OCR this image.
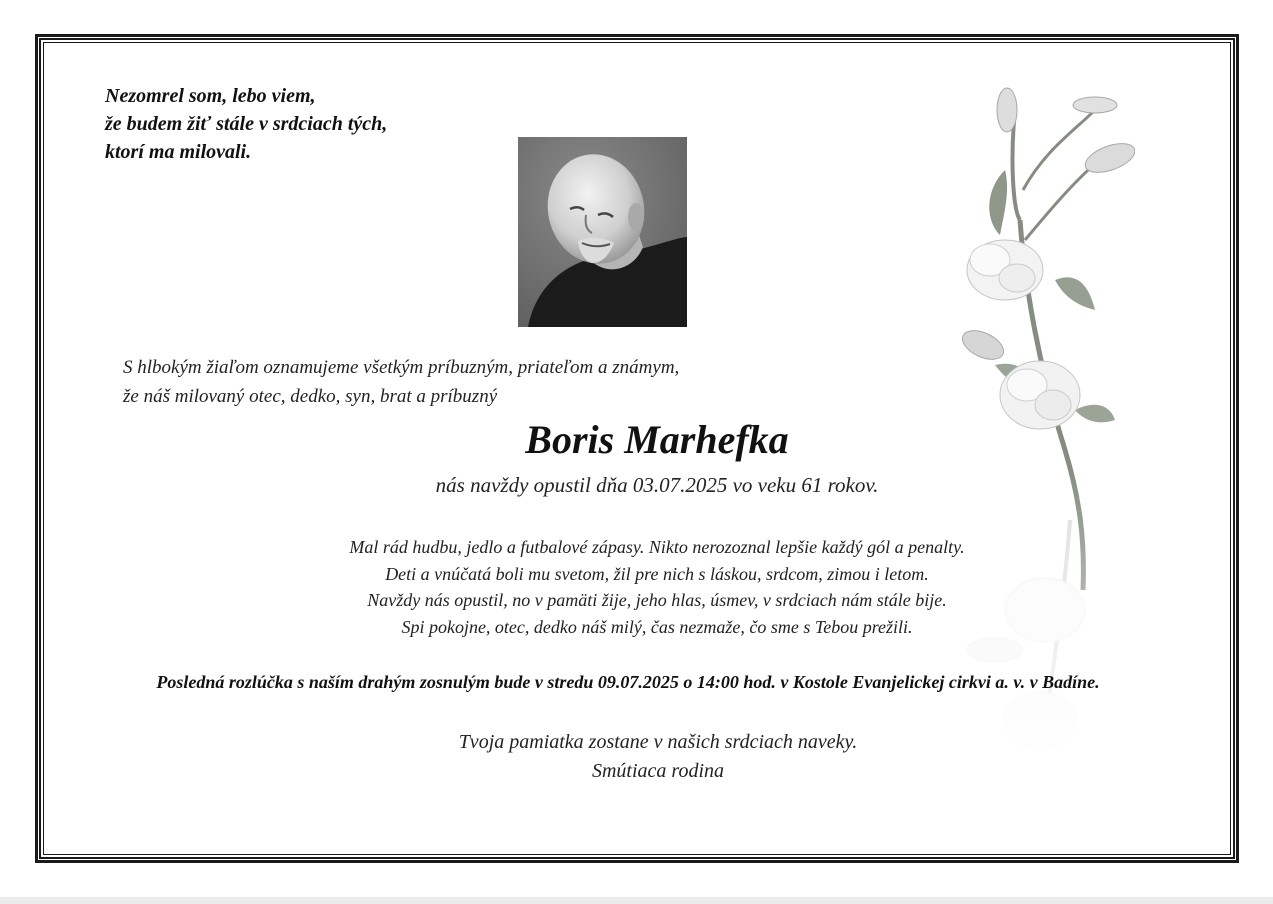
Nezomrel som, lebo viem,
že budem žiť stále v srdciach tých,
ktorí ma milovali.
S hlbokým žiaľom oznamujeme všetkým príbuzným, priateľom a známym,
že náš milovaný otec, dedko, syn, brat a príbuzný
Boris Marhefka
nás navždy opustil dňa 03.07.2025 vo veku 61 rokov.
Mal rád hudbu, jedlo a futbalové zápasy. Nikto nerozoznal lepšie každý gól a penalty.
Deti a vnúčatá boli mu svetom, žil pre nich s láskou, srdcom, zimou i letom.
Navždy nás opustil, no v pamäti žije, jeho hlas, úsmev, v srdciach nám stále bije.
Spi pokojne, otec, dedko náš milý, čas nezmaže, čo sme s Tebou prežili.
Posledná rozlúčka s naším drahým zosnulým bude v stredu 09.07.2025 o 14:00 hod. v Kostole Evanjelickej cirkvi a. v. v Badíne.
Tvoja pamiatka zostane v našich srdciach naveky.
Smútiaca rodina
